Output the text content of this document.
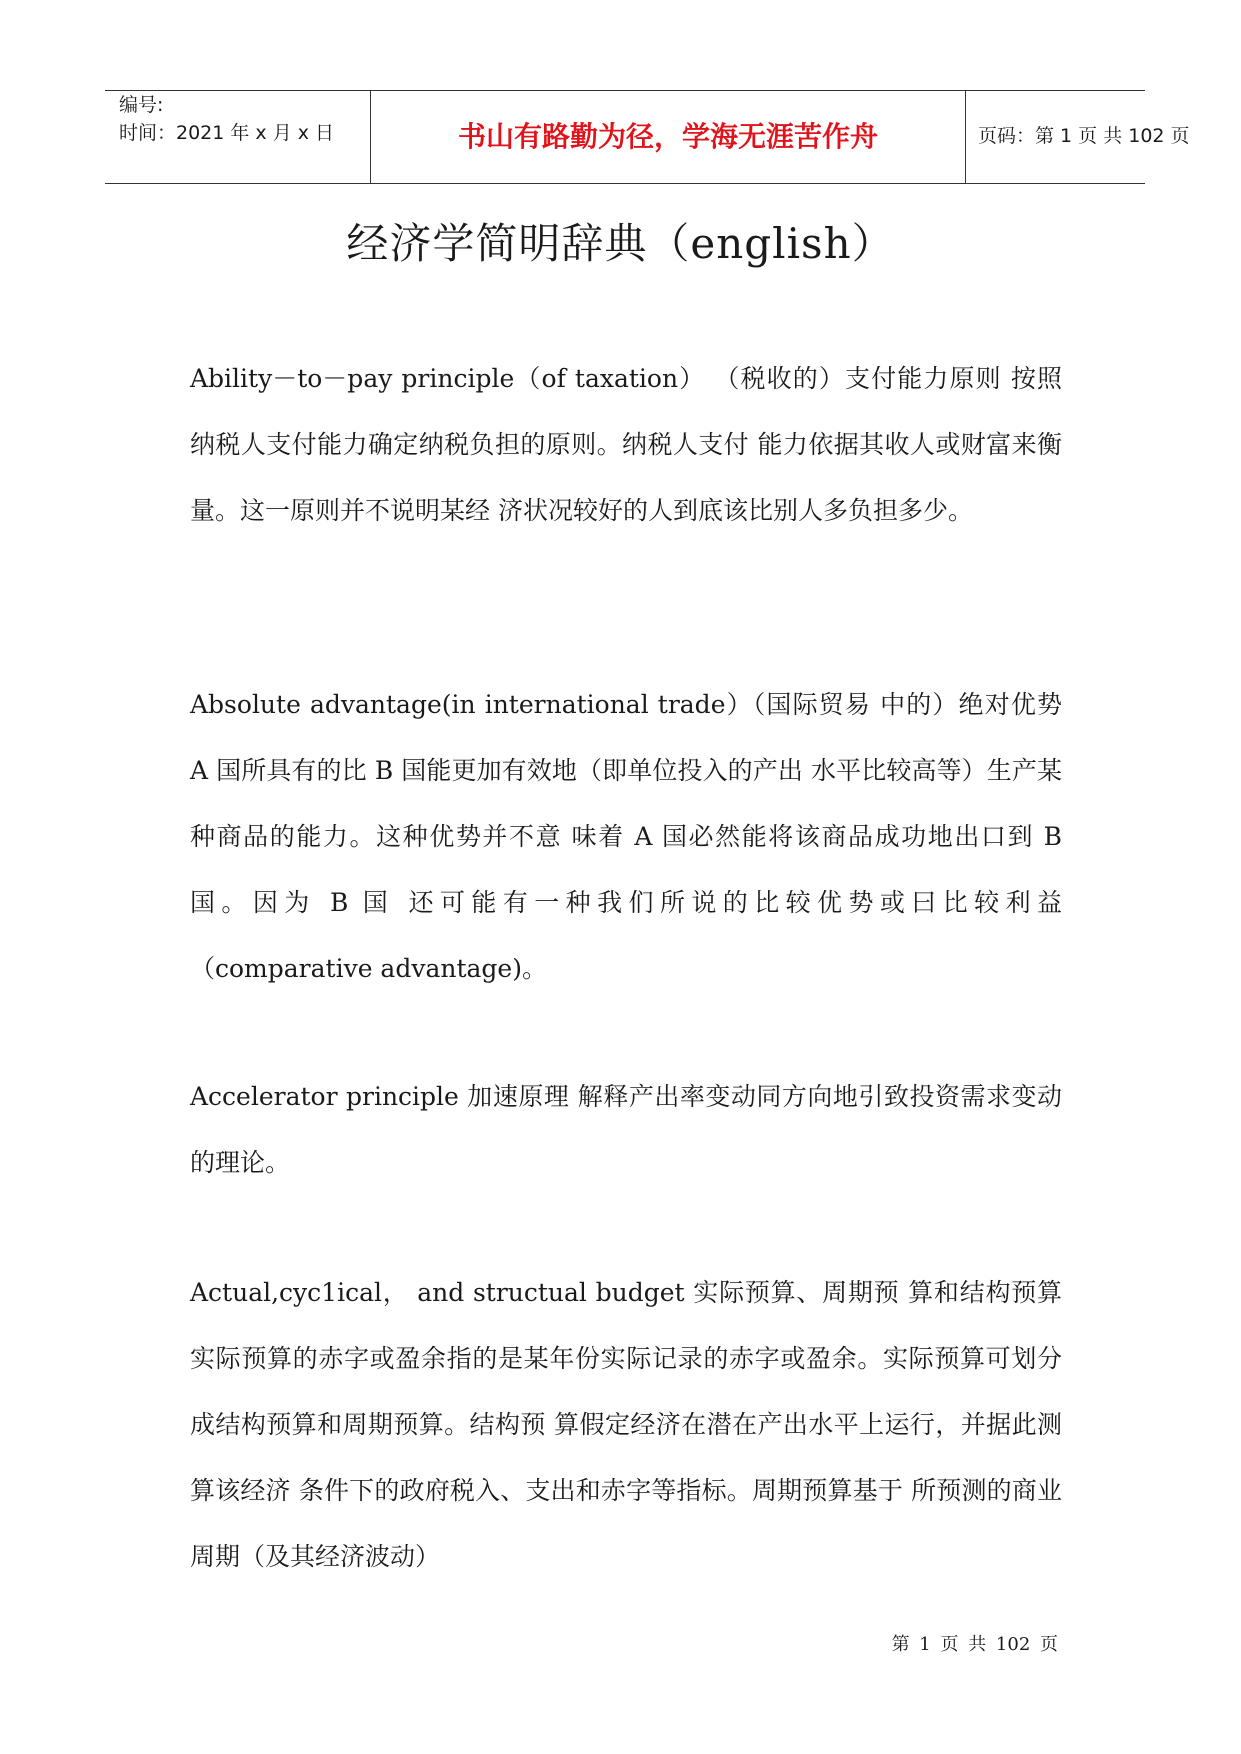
编号:
时间：2021 年 x 月 x 日	书山有路勤为径，学海无涯苦作舟	页码：第 1 页 共 102 页
经济学简明辞典（english）

Ability－to－pay principle（of taxation） （税收的）支付能力原则 按照纳税人支付能力确定纳税负担的原则。纳税人支付 能力依据其收人或财富来衡量。这一原则并不说明某经 济状况较好的人到底该比别人多负担多少。

Absolute advantage(in international trade）（国际贸易 中的）绝对优势 A 国所具有的比 B 国能更加有效地（即单位投入的产出 水平比较高等）生产某种商品的能力。这种优势并不意 味着 A 国必然能将该商品成功地出口到 B 国。因为 B 国 还可能有一种我们所说的比较优势或曰比较利益 （comparative advantage)。

Accelerator principle 加速原理 解释产出率变动同方向地引致投资需求变动的理论。

Actual,cyc1ical， and structual budget 实际预算、周期预 算和结构预算 实际预算的赤字或盈余指的是某年份实际记录的赤字或盈余。实际预算可划分成结构预算和周期预算。结构预 算假定经济在潜在产出水平上运行，并据此测算该经济 条件下的政府税入、支出和赤字等指标。周期预算基于 所预测的商业周期（及其经济波动）

第 1 页 共 102 页
